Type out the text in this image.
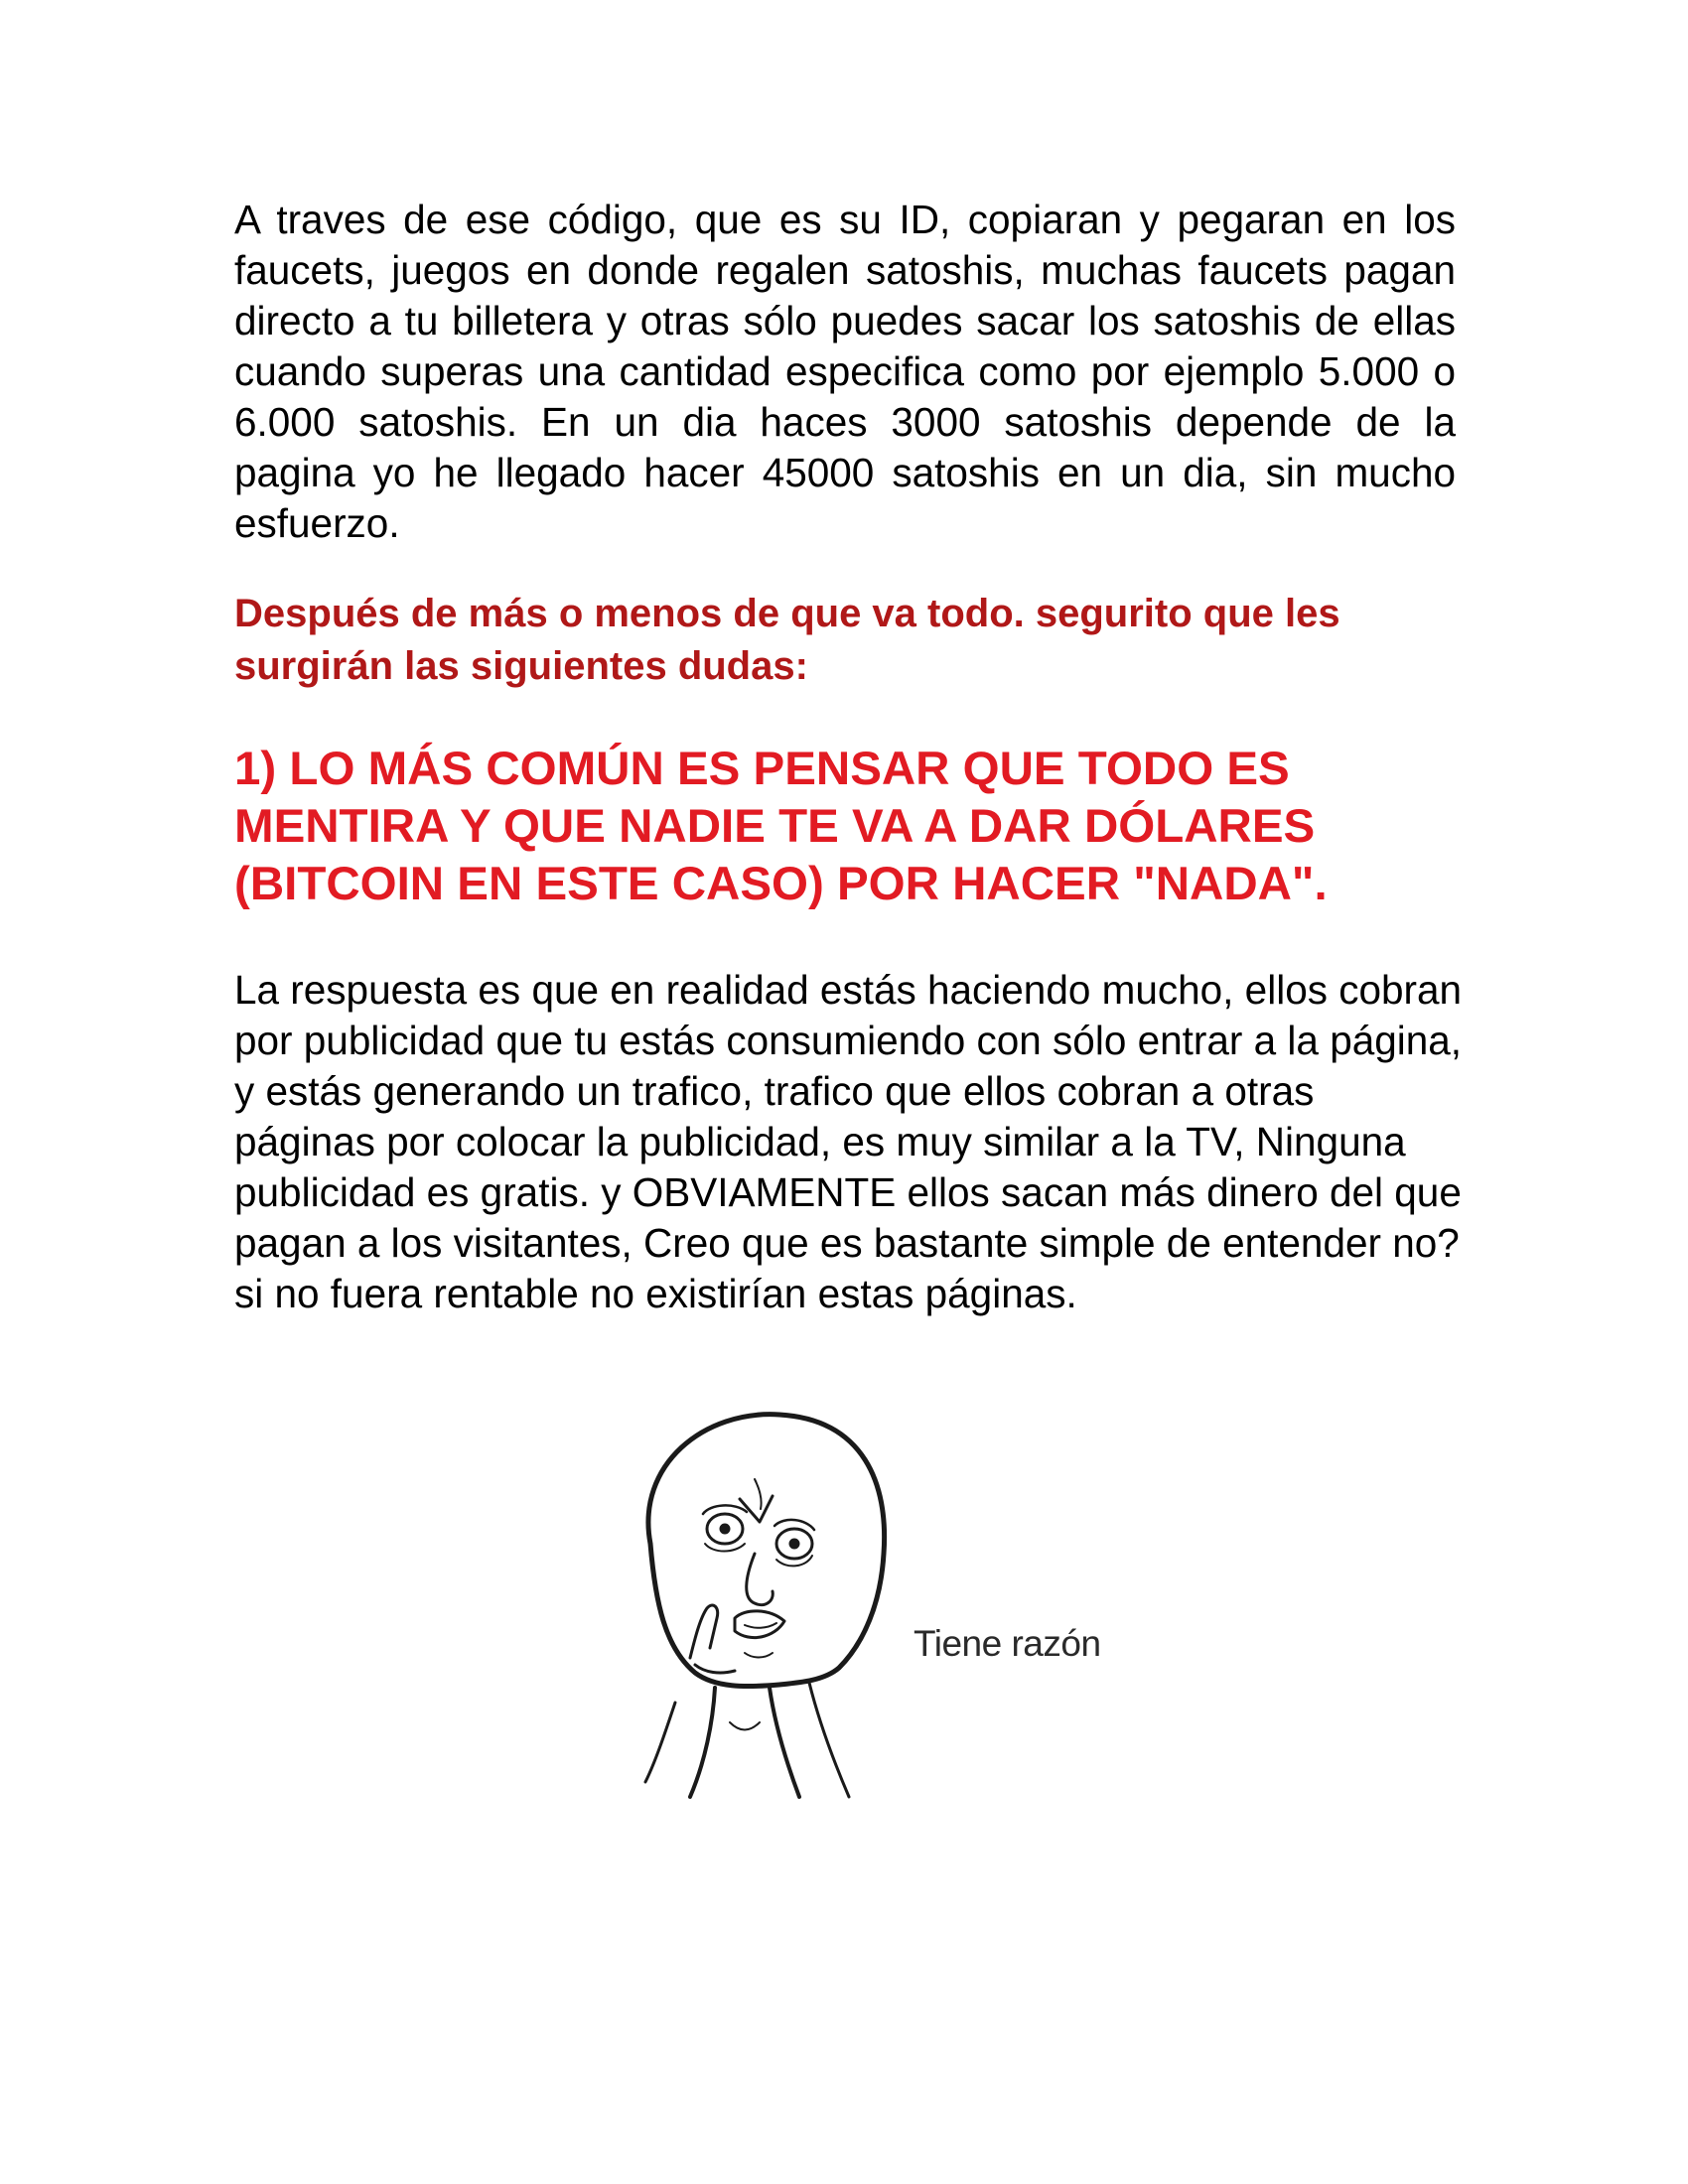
A traves de ese código, que es su ID, copiaran y pegaran en los faucets, juegos en donde regalen satoshis, muchas faucets pagan directo a tu billetera y otras sólo puedes sacar los satoshis de ellas cuando superas una cantidad especifica como por ejemplo 5.000 o 6.000 satoshis. En un dia haces 3000 satoshis depende de la pagina yo he llegado hacer 45000 satoshis en un dia, sin mucho esfuerzo.

Después de más o menos de que va todo. segurito que les surgirán las siguientes dudas:

1) LO MÁS COMÚN ES PENSAR QUE TODO ES MENTIRA Y QUE NADIE TE VA A DAR DÓLARES (BITCOIN EN ESTE CASO) POR HACER "NADA".

La respuesta es que en realidad estás haciendo mucho, ellos cobran por publicidad que tu estás consumiendo con sólo entrar a la página, y estás generando un trafico, trafico que ellos cobran a otras páginas por colocar la publicidad, es muy similar a la TV, Ninguna publicidad es gratis. y OBVIAMENTE ellos sacan más dinero del que pagan a los visitantes, Creo que es bastante simple de entender no? si no fuera rentable no existirían estas páginas.

Tiene razón
